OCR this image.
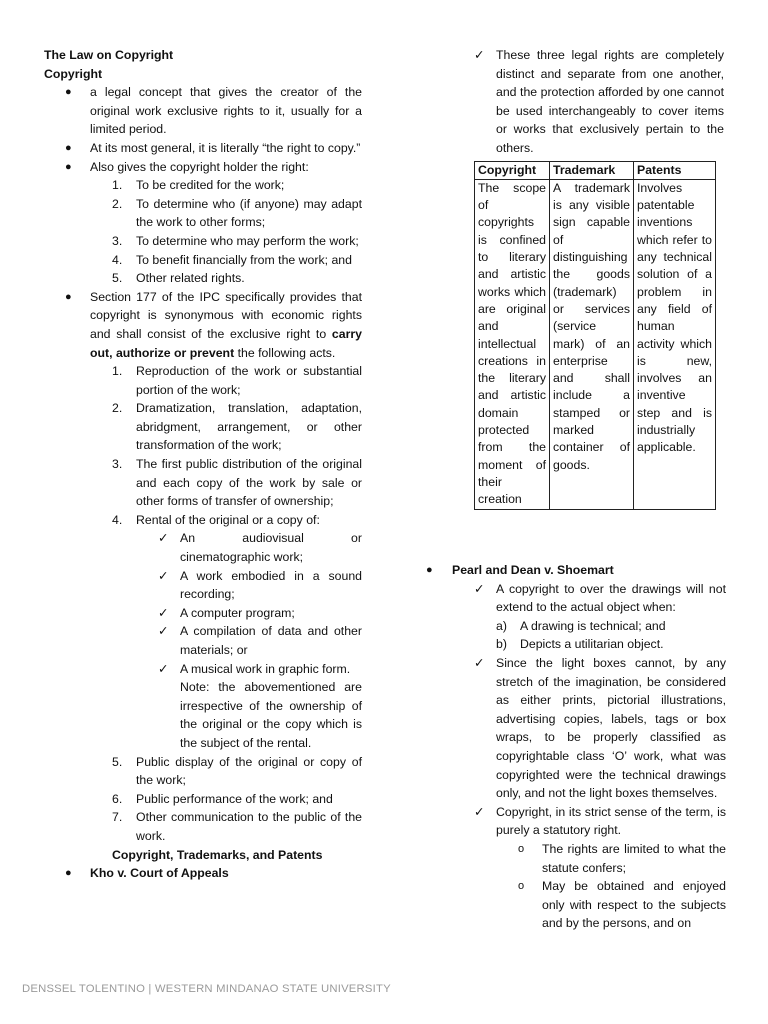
The Law on Copyright
Copyright
●	a legal concept that gives the creator of the original work exclusive rights to it, usually for a limited period.
●	At its most general, it is literally “the right to copy.”
●	Also gives the copyright holder the right:
1.	To be credited for the work;
2.	To determine who (if anyone) may adapt the work to other forms;
3.	To determine who may perform the work;
4.	To benefit financially from the work; and
5.	Other related rights.
●	Section 177 of the IPC specifically provides that copyright is synonymous with economic rights and shall consist of the exclusive right to carry out, authorize or prevent the following acts.
1.	Reproduction of the work or substantial portion of the work;
2.	Dramatization, translation, adaptation, abridgment, arrangement, or other transformation of the work;
3.	The first public distribution of the original and each copy of the work by sale or other forms of transfer of ownership;
4.	Rental of the original or a copy of:
✓ An audiovisual or cinematographic work;
✓ A work embodied in a sound recording;
✓ A computer program;
✓ A compilation of data and other materials; or
✓ A musical work in graphic form.
Note: the abovementioned are irrespective of the ownership of the original or the copy which is the subject of the rental.
5.	Public display of the original or copy of the work;
6.	Public performance of the work; and
7.	Other communication to the public of the work.
Copyright, Trademarks, and Patents
●	Kho v. Court of Appeals
✓ These three legal rights are completely distinct and separate from one another, and the protection afforded by one cannot be used interchangeably to cover items or works that exclusively pertain to the others.
Copyright	Trademark	Patents
The scope of copyrights is confined to literary and artistic works which are original and intellectual creations in the literary and artistic domain protected from the moment of their creation	A trademark is any visible sign capable of distinguishing the goods (trademark) or services (service mark) of an enterprise and shall include a stamped or marked container of goods.	Involves patentable inventions which refer to any technical solution of a problem in any field of human activity which is new, involves an inventive step and is industrially applicable.
●	Pearl and Dean v. Shoemart
✓ A copyright to over the drawings will not extend to the actual object when:
a)	A drawing is technical; and
b)	Depicts a utilitarian object.
✓ Since the light boxes cannot, by any stretch of the imagination, be considered as either prints, pictorial illustrations, advertising copies, labels, tags or box wraps, to be properly classified as copyrightable class ‘O’ work, what was copyrighted were the technical drawings only, and not the light boxes themselves.
✓ Copyright, in its strict sense of the term, is purely a statutory right.
o	The rights are limited to what the statute confers;
o	May be obtained and enjoyed only with respect to the subjects and by the persons, and on
DENSSEL TOLENTINO | WESTERN MINDANAO STATE UNIVERSITY
